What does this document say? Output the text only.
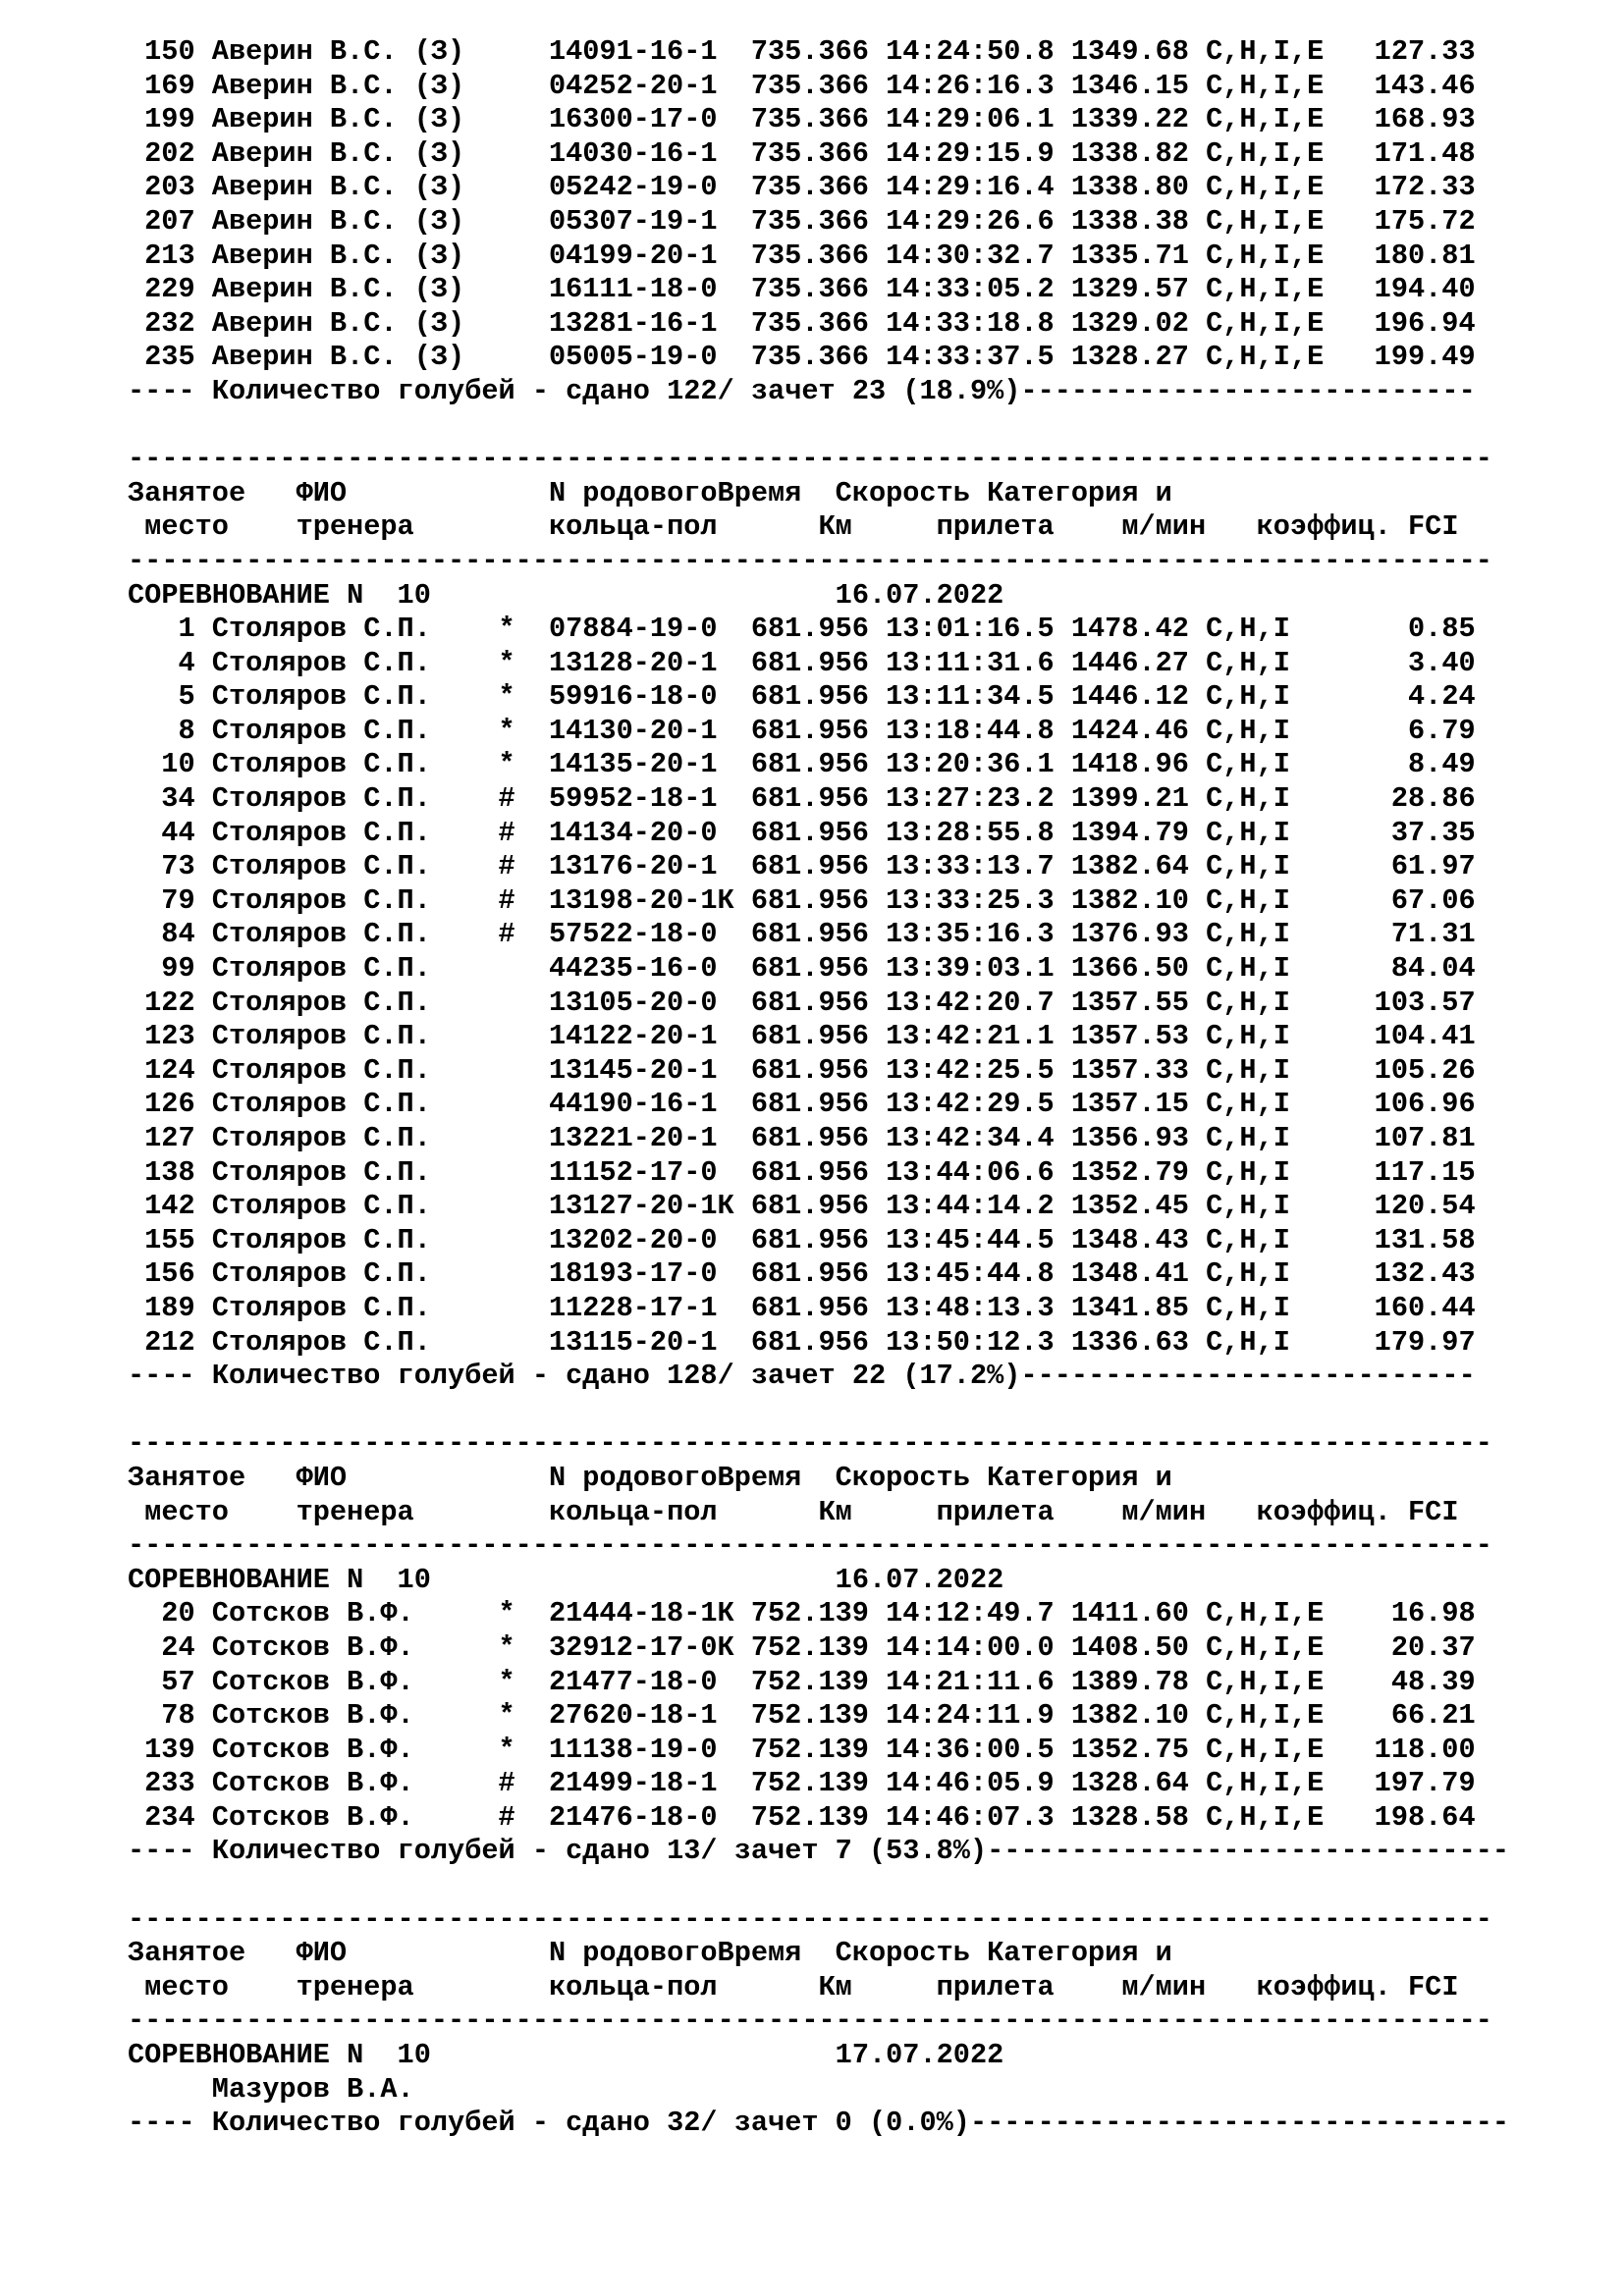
150 Аверин В.С. (З)	14091-16-1 735.366 14:24:50.8 1349.68 C,H,I,E 127.33
169 Аверин В.С. (З)	04252-20-1 735.366 14:26:16.3 1346.15 C,H,I,E 143.46
199 Аверин В.С. (З)	16300-17-0 735.366 14:29:06.1 1339.22 C,H,I,E 168.93
202 Аверин В.С. (З)	14030-16-1 735.366 14:29:15.9 1338.82 C,H,I,E 171.48
203 Аверин В.С. (З)	05242-19-0 735.366 14:29:16.4 1338.80 C,H,I,E 172.33
207 Аверин В.С. (З)	05307-19-1 735.366 14:29:26.6 1338.38 C,H,I,E 175.72
213 Аверин В.С. (З)	04199-20-1 735.366 14:30:32.7 1335.71 C,H,I,E 180.81
229 Аверин В.С. (З)	16111-18-0 735.366 14:33:05.2 1329.57 C,H,I,E 194.40
232 Аверин В.С. (З)	13281-16-1 735.366 14:33:18.8 1329.02 C,H,I,E 196.94
235 Аверин В.С. (З)	05005-19-0 735.366 14:33:37.5 1328.27 C,H,I,E 199.49
---- Количество голубей - сдано 122/ зачет 23 (18.9%)---------------------------
---------------------------------------------------------------------------------
Занятое ФИО	N родовогоВремя Скорость Категория и
место тренера	кольца-пол	Км	прилета м/мин коэффиц. FCI
---------------------------------------------------------------------------------
СОРЕВНОВАНИЕ N  10	16.07.2022
1 Столяров С.П. * 07884-19-0 681.956 13:01:16.5 1478.42 C,H,I	0.85
4 Столяров С.П. * 13128-20-1 681.956 13:11:31.6 1446.27 C,H,I	3.40
5 Столяров С.П. * 59916-18-0 681.956 13:11:34.5 1446.12 C,H,I	4.24
8 Столяров С.П. * 14130-20-1 681.956 13:18:44.8 1424.46 C,H,I	6.79
10 Столяров С.П. * 14135-20-1 681.956 13:20:36.1 1418.96 C,H,I	8.49
34 Столяров С.П. # 59952-18-1 681.956 13:27:23.2 1399.21 C,H,I	28.86
44 Столяров С.П. # 14134-20-0 681.956 13:28:55.8 1394.79 C,H,I	37.35
73 Столяров С.П. # 13176-20-1 681.956 13:33:13.7 1382.64 C,H,I	61.97
79 Столяров С.П. # 13198-20-1К 681.956 13:33:25.3 1382.10 C,H,I	67.06
84 Столяров С.П. # 57522-18-0 681.956 13:35:16.3 1376.93 C,H,I	71.31
99 Столяров С.П.	44235-16-0 681.956 13:39:03.1 1366.50 C,H,I	84.04
122 Столяров С.П.	13105-20-0 681.956 13:42:20.7 1357.55 C,H,I	103.57
123 Столяров С.П.	14122-20-1 681.956 13:42:21.1 1357.53 C,H,I	104.41
124 Столяров С.П.	13145-20-1 681.956 13:42:25.5 1357.33 C,H,I	105.26
126 Столяров С.П.	44190-16-1 681.956 13:42:29.5 1357.15 C,H,I	106.96
127 Столяров С.П.	13221-20-1 681.956 13:42:34.4 1356.93 C,H,I	107.81
138 Столяров С.П.	11152-17-0 681.956 13:44:06.6 1352.79 C,H,I	117.15
142 Столяров С.П.	13127-20-1К 681.956 13:44:14.2 1352.45 C,H,I	120.54
155 Столяров С.П.	13202-20-0 681.956 13:45:44.5 1348.43 C,H,I	131.58
156 Столяров С.П.	18193-17-0 681.956 13:45:44.8 1348.41 C,H,I	132.43
189 Столяров С.П.	11228-17-1 681.956 13:48:13.3 1341.85 C,H,I	160.44
212 Столяров С.П.	13115-20-1 681.956 13:50:12.3 1336.63 C,H,I	179.97
---- Количество голубей - сдано 128/ зачет 22 (17.2%)---------------------------
---------------------------------------------------------------------------------
Занятое ФИО	N родовогоВремя Скорость Категория и
место тренера	кольца-пол	Км	прилета м/мин коэффиц. FCI
---------------------------------------------------------------------------------
СОРЕВНОВАНИЕ N  10	16.07.2022
20 Сотсков В.Ф.	* 21444-18-1К 752.139 14:12:49.7 1411.60 C,H,I,E 16.98
24 Сотсков В.Ф.	* 32912-17-0К 752.139 14:14:00.0 1408.50 C,H,I,E 20.37
57 Сотсков В.Ф.	* 21477-18-0 752.139 14:21:11.6 1389.78 C,H,I,E 48.39
78 Сотсков В.Ф.	* 27620-18-1 752.139 14:24:11.9 1382.10 C,H,I,E 66.21
139 Сотсков В.Ф.	* 11138-19-0 752.139 14:36:00.5 1352.75 C,H,I,E 118.00
233 Сотсков В.Ф.	# 21499-18-1 752.139 14:46:05.9 1328.64 C,H,I,E 197.79
234 Сотсков В.Ф.	# 21476-18-0 752.139 14:46:07.3 1328.58 C,H,I,E 198.64
---- Количество голубей - сдано 13/ зачет 7 (53.8%)-------------------------------
---------------------------------------------------------------------------------
Занятое ФИО	N родовогоВремя Скорость Категория и
место тренера	кольца-пол	Км	прилета м/мин коэффиц. FCI
---------------------------------------------------------------------------------
СОРЕВНОВАНИЕ N  10	17.07.2022
Мазуров В.А.
---- Количество голубей - сдано 32/ зачет 0 (0.0%)--------------------------------
